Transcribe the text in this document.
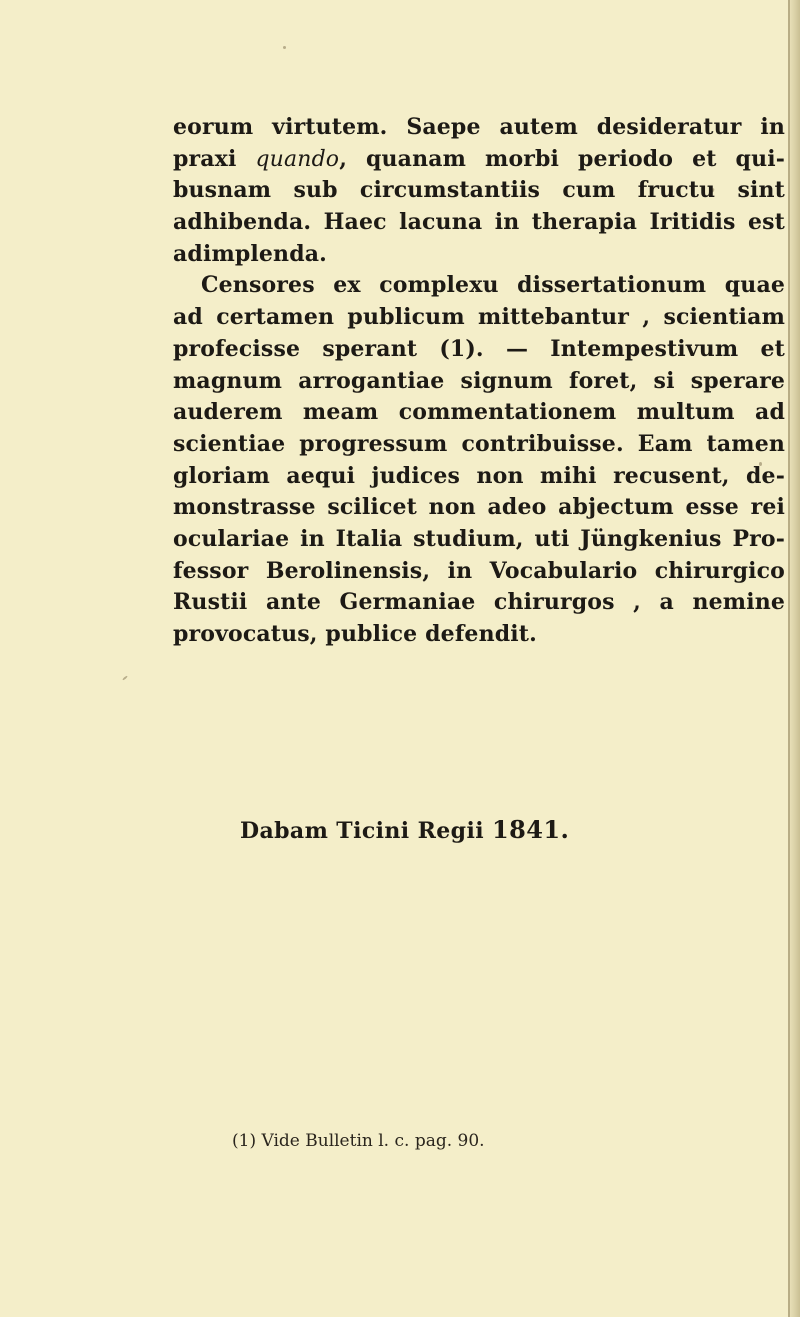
eorum virtutem. Saepe autem desideratur in
praxi quando, quanam morbi periodo et qui-
busnam sub circumstantiis cum fructu sint
adhibenda. Haec lacuna in therapia Iritidis est
adimplenda.
Censores ex complexu dissertationum quae
ad certamen publicum mittebantur , scientiam
profecisse sperant (1). — Intempestivum et
magnum arrogantiae signum foret, si sperare
auderem meam commentationem multum ad
scientiae progressum contribuisse. Eam tamen
gloriam aequi judices non mihi recusent, de-
monstrasse scilicet non adeo abjectum esse rei
oculariae in Italia studium, uti Jüngkenius Pro-
fessor Berolinensis, in Vocabulario chirurgico
Rustii ante Germaniae chirurgos , a nemine
provocatus, publice defendit.
Dabam Ticini Regii 1841.
(1) Vide Bulletin l. c. pag. 90.
